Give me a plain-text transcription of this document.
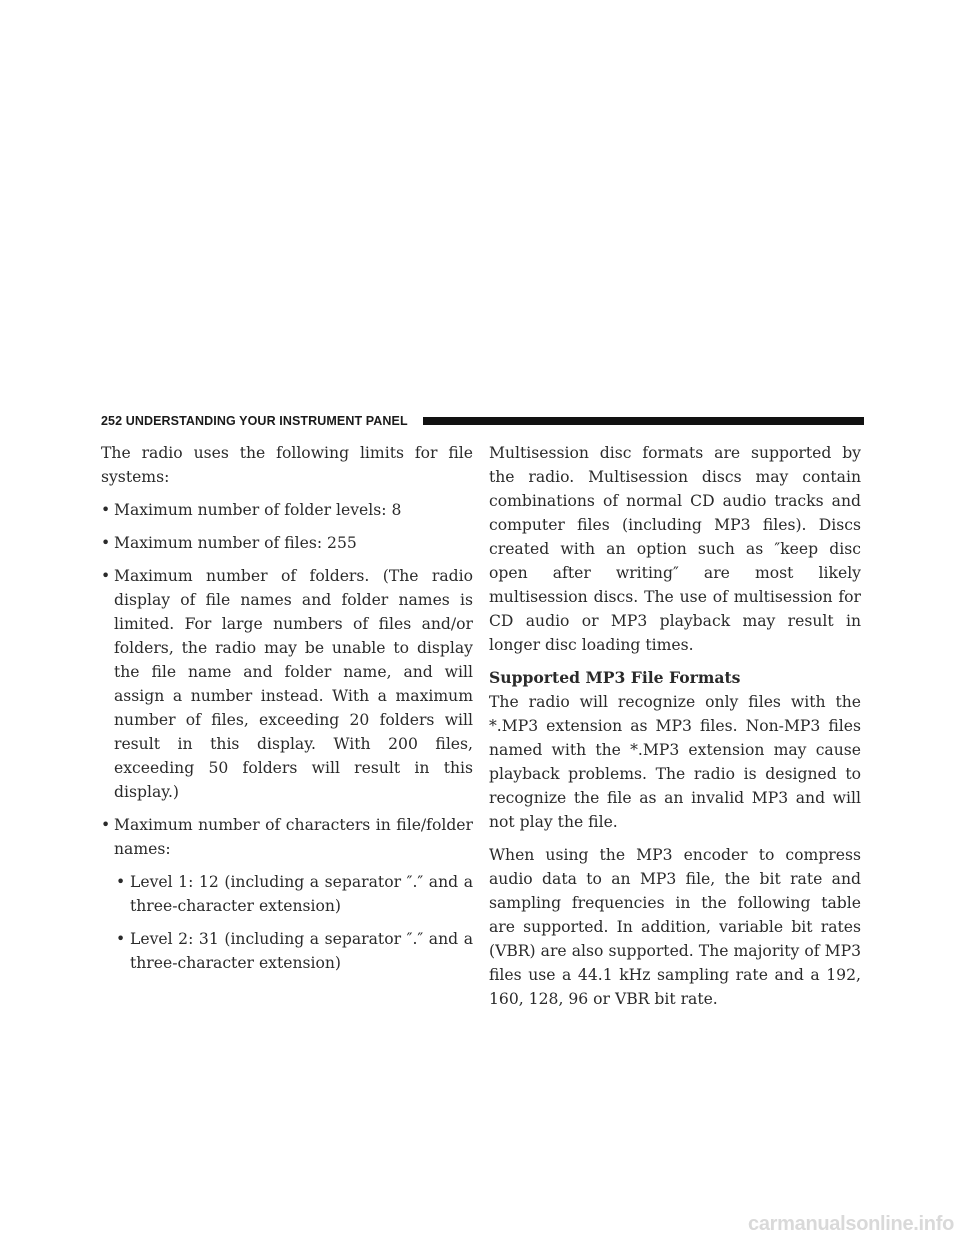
252 UNDERSTANDING YOUR INSTRUMENT PANEL

The radio uses the following limits for file systems:

• Maximum number of folder levels: 8
• Maximum number of files: 255
• Maximum number of folders. (The radio display of file names and folder names is limited. For large numbers of files and/or folders, the radio may be unable to display the file name and folder name, and will assign a number instead. With a maximum number of files, exceeding 20 folders will result in this display. With 200 files, exceeding 50 folders will result in this display.)
• Maximum number of characters in file/folder names:
• Level 1: 12 (including a separator ″.″ and a three-character extension)
• Level 2: 31 (including a separator ″.″ and a three-character extension)

Multisession disc formats are supported by the radio. Multisession discs may contain combinations of normal CD audio tracks and computer files (including MP3 files). Discs created with an option such as ″keep disc open after writing″ are most likely multisession discs. The use of multisession for CD audio or MP3 playback may result in longer disc loading times.

Supported MP3 File Formats

The radio will recognize only files with the *.MP3 extension as MP3 files. Non-MP3 files named with the *.MP3 extension may cause playback problems. The radio is designed to recognize the file as an invalid MP3 and will not play the file.

When using the MP3 encoder to compress audio data to an MP3 file, the bit rate and sampling frequencies in the following table are supported. In addition, variable bit rates (VBR) are also supported. The majority of MP3 files use a 44.1 kHz sampling rate and a 192, 160, 128, 96 or VBR bit rate.

carmanualsonline.info
